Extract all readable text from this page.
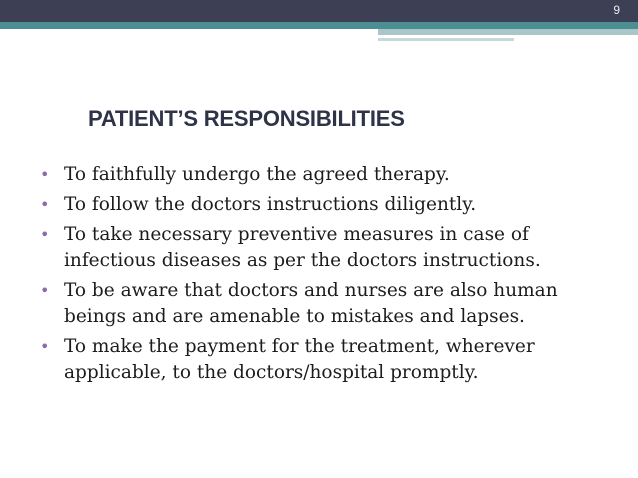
9
PATIENT’S RESPONSIBILITIES
• To faithfully undergo the agreed therapy.
• To follow the doctors instructions diligently.
• To take necessary preventive measures in case of infectious diseases as per the doctors instructions.
• To be aware that doctors and nurses are also human beings and are amenable to mistakes and lapses.
• To make the payment for the treatment, wherever applicable, to the doctors/hospital promptly.
